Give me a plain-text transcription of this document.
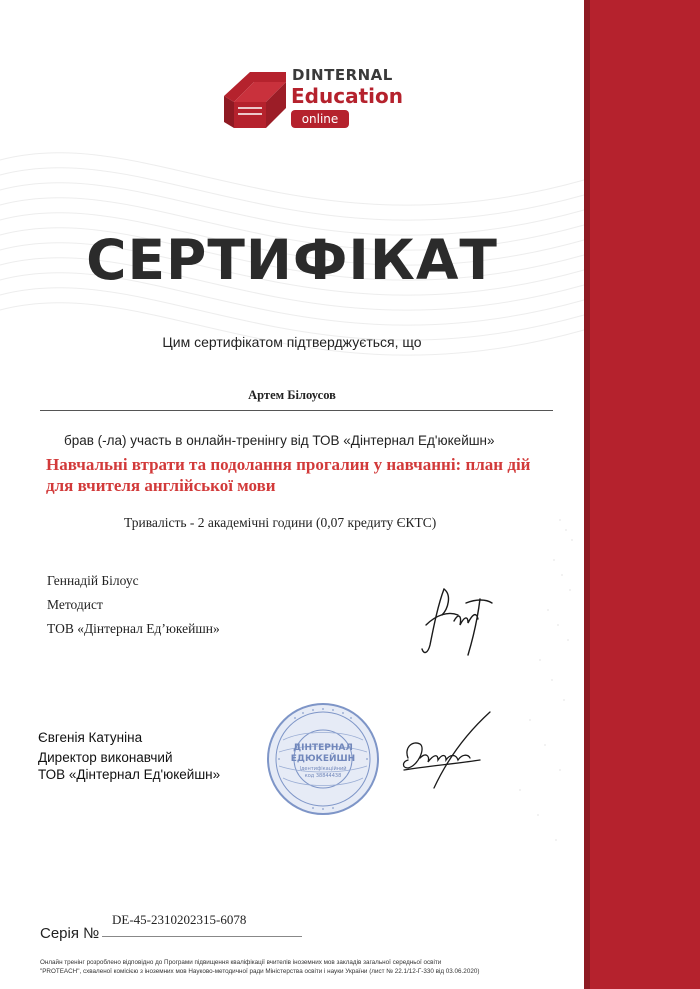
DINTERNAL
Education
online
СЕРТИФІКАТ
Цим сертифікатом підтверджується, що
Артем Білоусов
брав (-ла) участь в онлайн-тренінгу від ТОВ «Дінтернал Ед'юкейшн»
Навчальні втрати та подолання прогалин у навчанні: план дій
для вчителя англійської мови
Тривалість - 2 академічні години (0,07 кредиту ЄКТС)
Геннадій Білоус
Методист
ТОВ «Дінтернал Ед’юкейшн»
Євгенія Катуніна
Директор виконавчий
ТОВ «Дінтернал Ед'юкейшн»
ДІНТЕРНАЛ
ЕДЮКЕЙШН
Ідентифікаційний
код 38844438
Серія №
DE-45-2310202315-6078
Онлайн тренінг розроблено відповідно до Програми підвищення кваліфікації вчителів іноземних мов закладів загальної середньої освіти
"PROTEACH", схваленої комісією з іноземних мов Науково-методичної ради Міністерства освіти і науки України (лист № 22.1/12-Г-330 від 03.06.2020)
